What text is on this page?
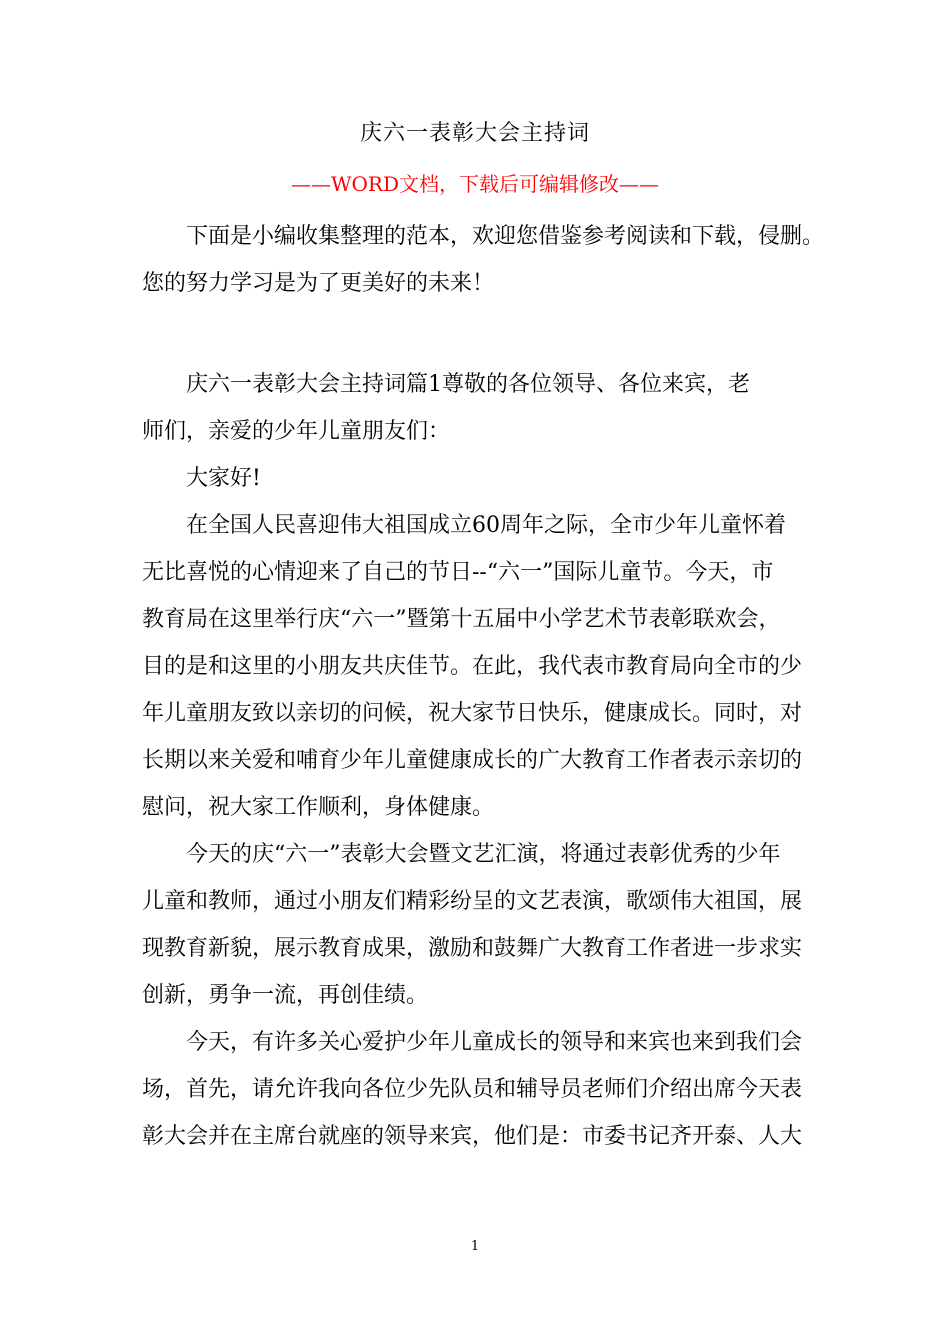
庆六一表彰大会主持词
——WORD文档，下载后可编辑修改——

下面是小编收集整理的范本，欢迎您借鉴参考阅读和下载，侵删。
您的努力学习是为了更美好的未来！

庆六一表彰大会主持词篇1尊敬的各位领导、各位来宾，老
师们，亲爱的少年儿童朋友们：

大家好!

在全国人民喜迎伟大祖国成立60周年之际，全市少年儿童怀着
无比喜悦的心情迎来了自己的节日--“六一”国际儿童节。今天，市
教育局在这里举行庆“六一”暨第十五届中小学艺术节表彰联欢会，
目的是和这里的小朋友共庆佳节。在此，我代表市教育局向全市的少
年儿童朋友致以亲切的问候，祝大家节日快乐，健康成长。同时，对
长期以来关爱和哺育少年儿童健康成长的广大教育工作者表示亲切的
慰问，祝大家工作顺利，身体健康。

今天的庆“六一”表彰大会暨文艺汇演，将通过表彰优秀的少年
儿童和教师，通过小朋友们精彩纷呈的文艺表演，歌颂伟大祖国，展
现教育新貌，展示教育成果，激励和鼓舞广大教育工作者进一步求实
创新，勇争一流，再创佳绩。

今天，有许多关心爱护少年儿童成长的领导和来宾也来到我们会
场，首先，请允许我向各位少先队员和辅导员老师们介绍出席今天表
彰大会并在主席台就座的领导来宾，他们是：市委书记齐开泰、人大

1
